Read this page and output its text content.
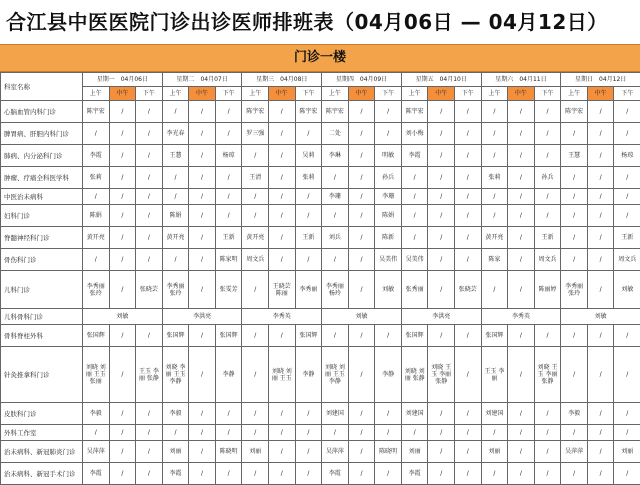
合江县中医医院门诊出诊医师排班表（04月06日 — 04月12日）
门诊一楼
科室名称	星期一 04月06日			星期二 04月07日			星期三 04月08日			星期四 04月09日			星期五 04月10日			星期六 04月11日			星期日 04月12日		
	上午	中午	下午	上午	中午	下午	上午	中午	下午	上午	中午	下午	上午	中午	下午	上午	中午	下午	上午	中午	下午
心脑血管内科门诊	陈宇宏	/	/	/	/	/	陈宇宏	/	陈宇宏	陈宇宏	/	/	陈宇宏	/	/	/	/	/	陈宇宏	/	/
脾胃病、肝胆内科门诊	/	/	/	李光春	/	/	罗三强	/	/	二处	/	/	刘小梅	/	/	/	/	/	/	/	/
肺病、内分泌科门诊	李霞	/	/	王慧	/	杨琼	/	/	吴莉	李琳	/	明敏	李霞	/	/	/	/	/	王慧	/	杨琼
肿瘤、疗痛全科医学科	张莉	/	/	/	/	/	王清	/	张莉	/	/	孙兵	/	/	/	张莉	/	孙兵	/	/	/
中医治未病科	/	/	/	/	/	/	/	/	/	李珊	/	李珊	/	/	/	/	/	/	/	/	/
妇科门诊	陈娟	/	/	陈娟	/	/	/	/	/	/	/	陈娟	/	/	/	/	/	/	/	/	/
脊髓神经科门诊	黄开亮	/	/	黄开亮	/	王新	黄开亮	/	王新	刘兵	/	陈新	/	/	/	黄开亮	/	王新	/	/	王新
骨伤科门诊	/	/	/	/	/	陈家明	周文兵	/	/	/	/	吴美伟	吴美伟	/	/	陈家	/	周文兵	/	/	周文兵
儿科门诊	李秀丽 张玲	/	张晓芸	李秀丽 张玲	/	张雯芳	/	王晓芸 陈丽	李秀丽	李秀丽 杨玲	/	刘敏	张秀丽	/	张晓芸	/	/	陈丽婷	李秀丽 张玲	/	刘敏
儿科骨科门诊	刘敏			李洪亮			李秀英			刘敏			李洪亮			李秀英			刘敏		
骨科脊柱外科	张国辉	/	/	张国辉	/	张国辉	/	/	张国辉	/	/	/	张国辉	/	/	张国辉	/	/	/	/	/
针灸推拿科门诊	刘晓 刘丽 王玉 张丽	/	王玉 李丽 张静	刘晓 李丽 王玉 李静	/	李静	/	刘晓 刘丽 王玉	李静	刘晓 刘丽 王玉 李静	/	李静	刘晓 刘丽 张静	刘晓 王玉 李丽 张静	/	王玉 李丽	/	刘晓 王玉 李丽 张静	/	/	/
皮肤科门诊	李毅	/	/	李毅	/	/	/	/	/	刘建国	/	/	刘建国	/	/	刘建国	/	/	李毅	/	/
外科工作室	/	/	/	/	/	/	/	/	/	/	/	/	/	/	/	/	/	/	/	/	/
治未病科、新冠肺炎门诊	吴萍萍	/	/	刘丽	/	陈晓明	刘丽	/	/	吴萍萍	/	陈晓明	刘丽	/	/	刘丽	/	/	吴萍萍	/	刘丽
治未病科、新冠手术门诊	李霞	/	/	李霞	/	/	/	/	/	李霞	/	/	李霞	/	/	/	/	/	/	/	/
